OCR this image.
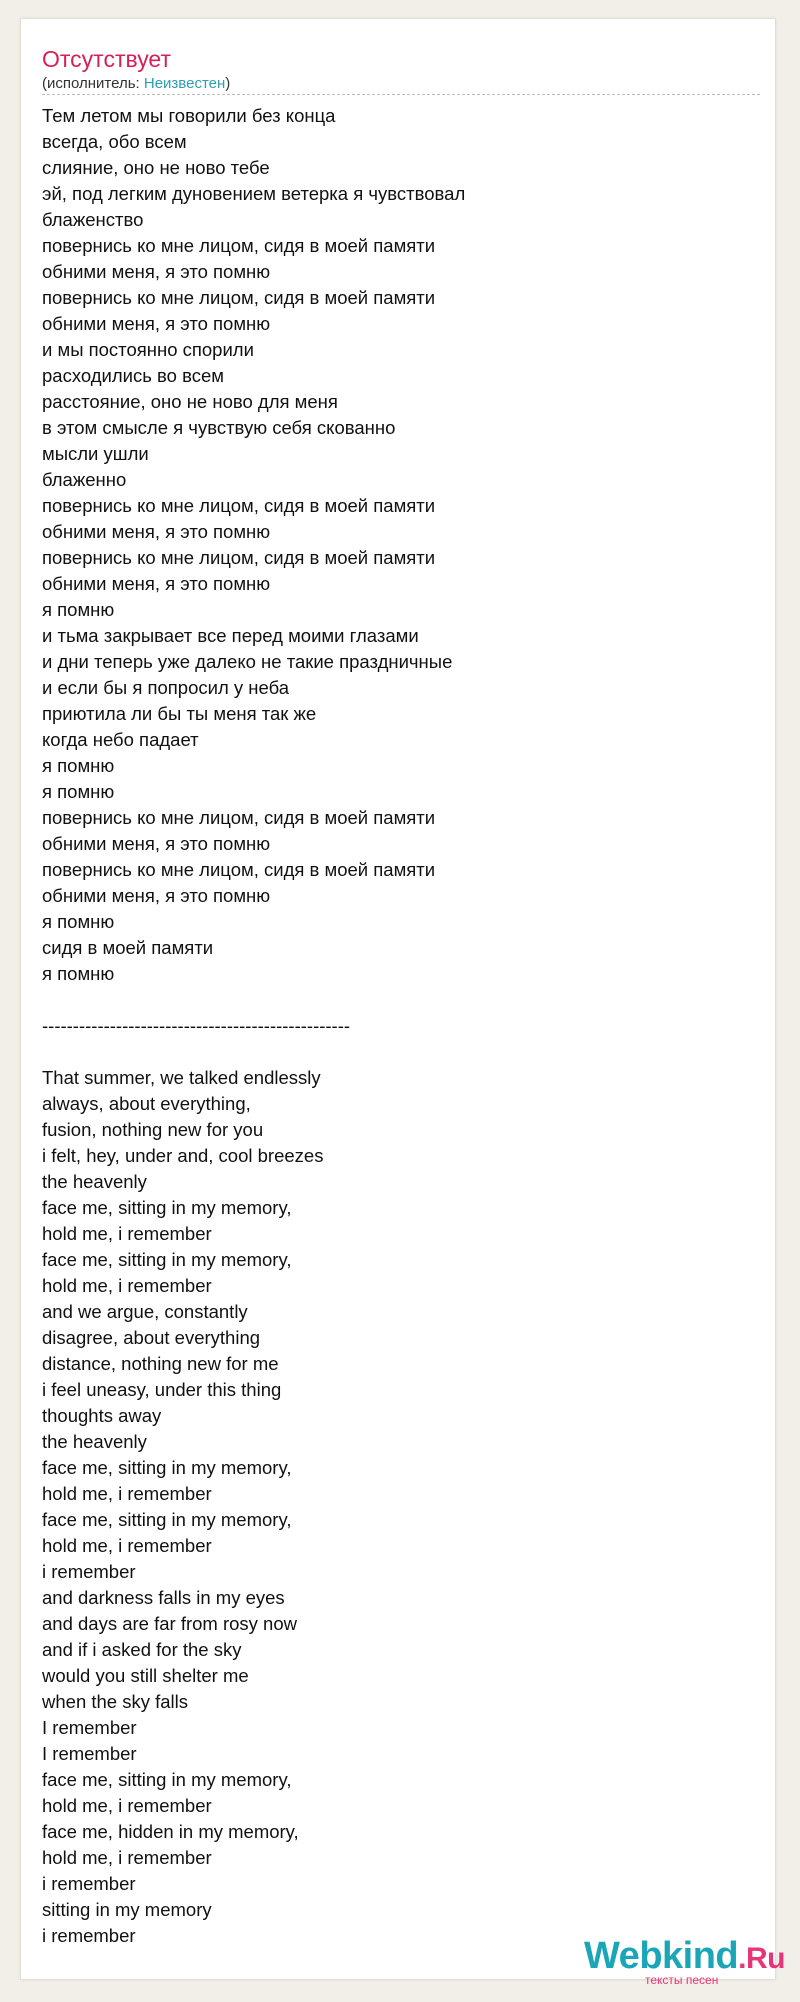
Отсутствует
(исполнитель: Неизвестен)
Тем летом мы говорили без конца
всегда, обо всем
слияние, оно не ново тебе
эй, под легким дуновением ветерка я чувствовал
блаженство
повернись ко мне лицом, сидя в моей памяти
обними меня, я это помню
повернись ко мне лицом, сидя в моей памяти
обними меня, я это помню
и мы постоянно спорили
расходились во всем
расстояние, оно не ново для меня
в этом смысле я чувствую себя скованно
мысли ушли
блаженно
повернись ко мне лицом, сидя в моей памяти
обними меня, я это помню
повернись ко мне лицом, сидя в моей памяти
обними меня, я это помню
я помню
и тьма закрывает все перед моими глазами
и дни теперь уже далеко не такие праздничные
и если бы я попросил у неба
приютила ли бы ты меня так же
когда небо падает
я помню
я помню
повернись ко мне лицом, сидя в моей памяти
обними меня, я это помню
повернись ко мне лицом, сидя в моей памяти
обними меня, я это помню
я помню
сидя в моей памяти
я помню
--------------------------------------------------
That summer, we talked endlessly
always, about everything,
fusion, nothing new for you
i felt, hey, under and, cool breezes
the heavenly
face me, sitting in my memory,
hold me, i remember
face me, sitting in my memory,
hold me, i remember
and we argue, constantly
disagree, about everything
distance, nothing new for me
i feel uneasy, under this thing
thoughts away
the heavenly
face me, sitting in my memory,
hold me, i remember
face me, sitting in my memory,
hold me, i remember
i remember
and darkness falls in my eyes
and days are far from rosy now
and if i asked for the sky
would you still shelter me
when the sky falls
I remember
I remember
face me, sitting in my memory,
hold me, i remember
face me, hidden in my memory,
hold me, i remember
i remember
sitting in my memory
i remember	Webkind.Ru
тексты песен
